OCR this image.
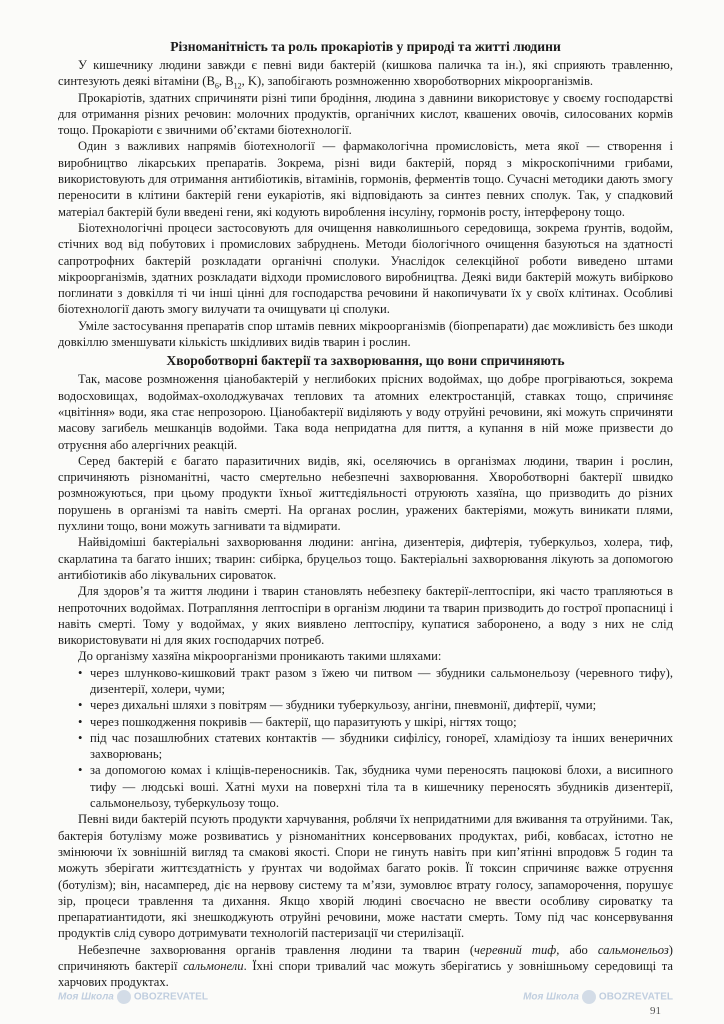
Різноманітність та роль прокаріотів у природі та житті людини

У кишечнику людини завжди є певні види бактерій (кишкова паличка та ін.), які сприяють травленню, синтезують деякі вітаміни ($B_6$, $B_{12}$, K), запобігають розмноженню хвороботворних мікроорганізмів.

Прокаріотів, здатних спричиняти різні типи бродіння, людина з давнини використовує у своєму господарстві для отримання різних речовин: молочних продуктів, органічних кислот, квашених овочів, силосованих кормів тощо. Прокаріоти є звичними об’єктами біотехнології.

Один з важливих напрямів біотехнології — фармакологічна промисловість, мета якої — створення і виробництво лікарських препаратів. Зокрема, різні види бактерій, поряд з мікроскопічними грибами, використовують для отримання антибіотиків, вітамінів, гормонів, ферментів тощо. Сучасні методики дають змогу переносити в клітини бактерій гени еукаріотів, які відповідають за синтез певних сполук. Так, у спадковий матеріал бактерій були введені гени, які кодують вироблення інсуліну, гормонів росту, інтерферону тощо.

Біотехнологічні процеси застосовують для очищення навколишнього середовища, зокрема ґрунтів, водойм, стічних вод від побутових і промислових забруднень. Методи біологічного очищення базуються на здатності сапротрофних бактерій розкладати органічні сполуки. Унаслідок селекційної роботи виведено штами мікроорганізмів, здатних розкладати відходи промислового виробництва. Деякі види бактерій можуть вибірково поглинати з довкілля ті чи інші цінні для господарства речовини й накопичувати їх у своїх клітинах. Особливі біотехнології дають змогу вилучати та очищувати ці сполуки.

Уміле застосування препаратів спор штамів певних мікроорганізмів (біопрепарати) дає можливість без шкоди довкіллю зменшувати кількість шкідливих видів тварин і рослин.

Хвороботворні бактерії та захворювання, що вони спричиняють

Так, масове розмноження ціанобактерій у неглибоких прісних водоймах, що добре прогріваються, зокрема водосховищах, водоймах-охолоджувачах теплових та атомних електростанцій, ставках тощо, спричиняє «цвітіння» води, яка стає непрозорою. Ціанобактерії виділяють у воду отруйні речовини, які можуть спричиняти масову загибель мешканців водойми. Така вода непридатна для пиття, а купання в ній може призвести до отруєння або алергічних реакцій.

Серед бактерій є багато паразитичних видів, які, оселяючись в організмах людини, тварин і рослин, спричиняють різноманітні, часто смертельно небезпечні захворювання. Хвороботворні бактерії швидко розмножуються, при цьому продукти їхньої життєдіяльності отруюють хазяїна, що призводить до різних порушень в організмі та навіть смерті. На органах рослин, уражених бактеріями, можуть виникати плями, пухлини тощо, вони можуть загнивати та відмирати.

Найвідоміші бактеріальні захворювання людини: ангіна, дизентерія, дифтерія, туберкульоз, холера, тиф, скарлатина та багато інших; тварин: сибірка, бруцельоз тощо. Бактеріальні захворювання лікують за допомогою антибіотиків або лікувальних сироваток.

Для здоров’я та життя людини і тварин становлять небезпеку бактерії-лептоспіри, які часто трапляються в непроточних водоймах. Потрапляння лептоспіри в організм людини та тварин призводить до гострої пропасниці і навіть смерті. Тому у водоймах, у яких виявлено лептоспіру, купатися заборонено, а воду з них не слід використовувати ні для яких господарчих потреб.

До організму хазяїна мікроорганізми проникають такими шляхами:

• через шлунково-кишковий тракт разом з їжею чи питвом — збудники сальмонельозу (черевного тифу), дизентерії, холери, чуми;
• через дихальні шляхи з повітрям — збудники туберкульозу, ангіни, пневмонії, дифтерії, чуми;
• через пошкодження покривів — бактерії, що паразитують у шкірі, нігтях тощо;
• під час позашлюбних статевих контактів — збудники сифілісу, гонореї, хламідіозу та інших венеричних захворювань;
• за допомогою комах і кліщів-переносників. Так, збудника чуми переносять пацюкові блохи, а висипного тифу — людські воші. Хатні мухи на поверхні тіла та в кишечнику переносять збудників дизентерії, сальмонельозу, туберкульозу тощо.

Певні види бактерій псують продукти харчування, роблячи їх непридатними для вживання та отруйними. Так, бактерія ботулізму може розвиватись у різноманітних консервованих продуктах, рибі, ковбасах, істотно не змінюючи їх зовнішній вигляд та смакові якості. Спори не гинуть навіть при кип’ятінні впродовж 5 годин та можуть зберігати життєздатність у ґрунтах чи водоймах багато років. Її токсин спричиняє важке отруєння (ботулізм); він, насамперед, діє на нервову систему та м’язи, зумовлює втрату голосу, запаморочення, порушує зір, процеси травлення та дихання. Якщо хворій людині своєчасно не ввести особливу сироватку та препаратиантидоти, які знешкоджують отруйні речовини, може настати смерть. Тому під час консервування продуктів слід суворо дотримувати технологій пастеризації чи стерилізації.

Небезпечне захворювання органів травлення людини та тварин (черевний тиф, або сальмонельоз) спричиняють бактерії сальмонели. Їхні спори тривалий час можуть зберігатись у зовнішньому середовищі та харчових продуктах.

91
Моя Школа OBOZREVATEL	Моя Школа OBOZREVATEL
